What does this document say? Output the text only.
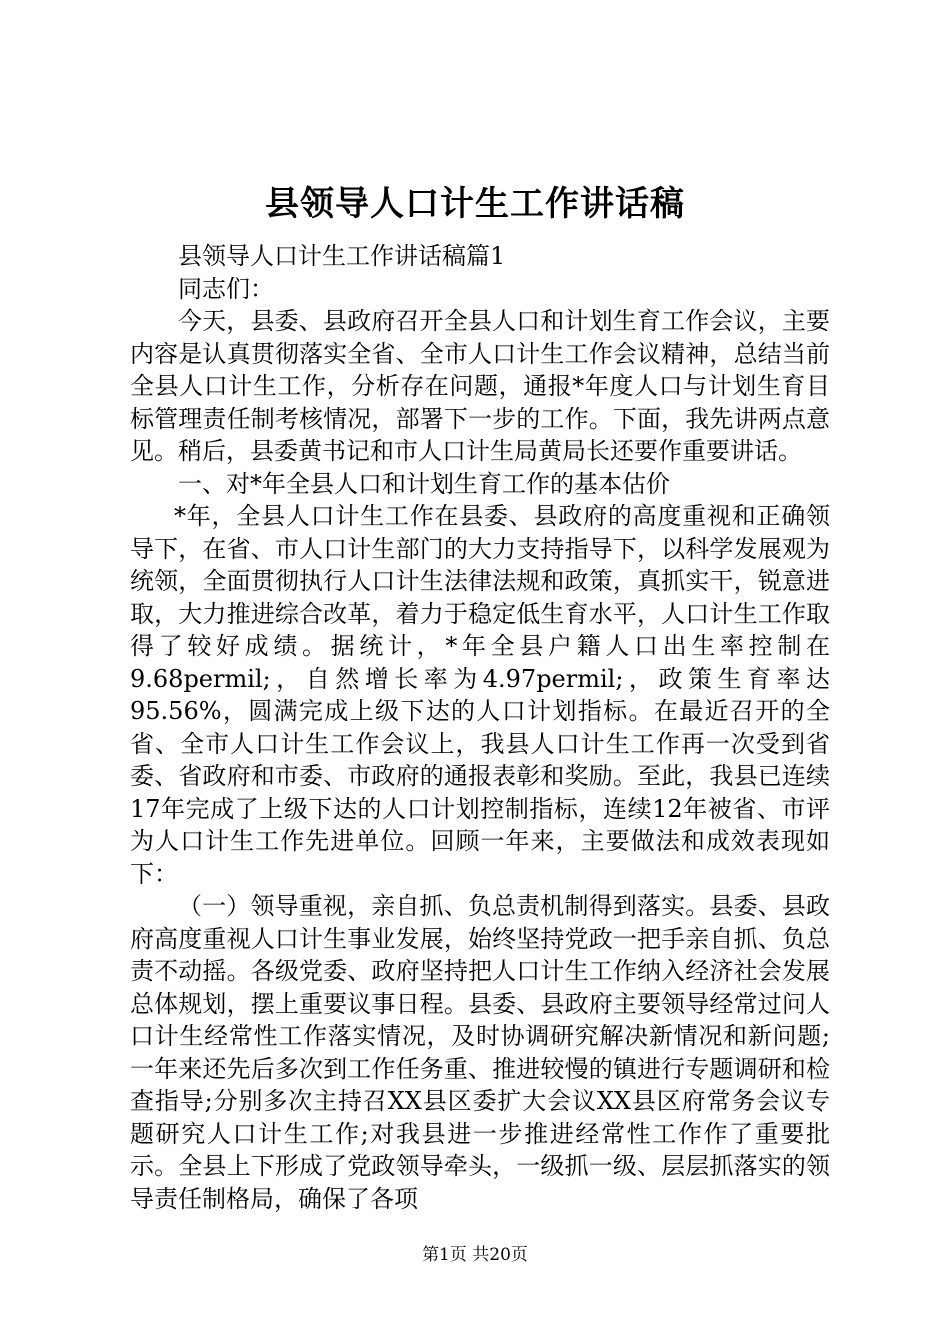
县领导人口计生工作讲话稿

县领导人口计生工作讲话稿篇1

同志们：

今天，县委、县政府召开全县人口和计划生育工作会议，主要内容是认真贯彻落实全省、全市人口计生工作会议精神，总结当前全县人口计生工作，分析存在问题，通报*年度人口与计划生育目标管理责任制考核情况，部署下一步的工作。下面，我先讲两点意见。稍后，县委黄书记和市人口计生局黄局长还要作重要讲话。

一、对*年全县人口和计划生育工作的基本估价

*年，全县人口计生工作在县委、县政府的高度重视和正确领导下，在省、市人口计生部门的大力支持指导下，以科学发展观为统领，全面贯彻执行人口计生法律法规和政策，真抓实干，锐意进取，大力推进综合改革，着力于稳定低生育水平，人口计生工作取得了较好成绩。据统计，*年全县户籍人口出生率控制在9.68permil;，自然增长率为4.97permil;，政策生育率达95.56%，圆满完成上级下达的人口计划指标。在最近召开的全省、全市人口计生工作会议上，我县人口计生工作再一次受到省委、省政府和市委、市政府的通报表彰和奖励。至此，我县已连续17年完成了上级下达的人口计划控制指标，连续12年被省、市评为人口计生工作先进单位。回顾一年来，主要做法和成效表现如下：

（一）领导重视，亲自抓、负总责机制得到落实。县委、县政府高度重视人口计生事业发展，始终坚持党政一把手亲自抓、负总责不动摇。各级党委、政府坚持把人口计生工作纳入经济社会发展总体规划，摆上重要议事日程。县委、县政府主要领导经常过问人口计生经常性工作落实情况，及时协调研究解决新情况和新问题;一年来还先后多次到工作任务重、推进较慢的镇进行专题调研和检查指导;分别多次主持召XX县区委扩大会议XX县区府常务会议专题研究人口计生工作;对我县进一步推进经常性工作作了重要批示。全县上下形成了党政领导牵头，一级抓一级、层层抓落实的领导责任制格局，确保了各项

第1页 共20页
